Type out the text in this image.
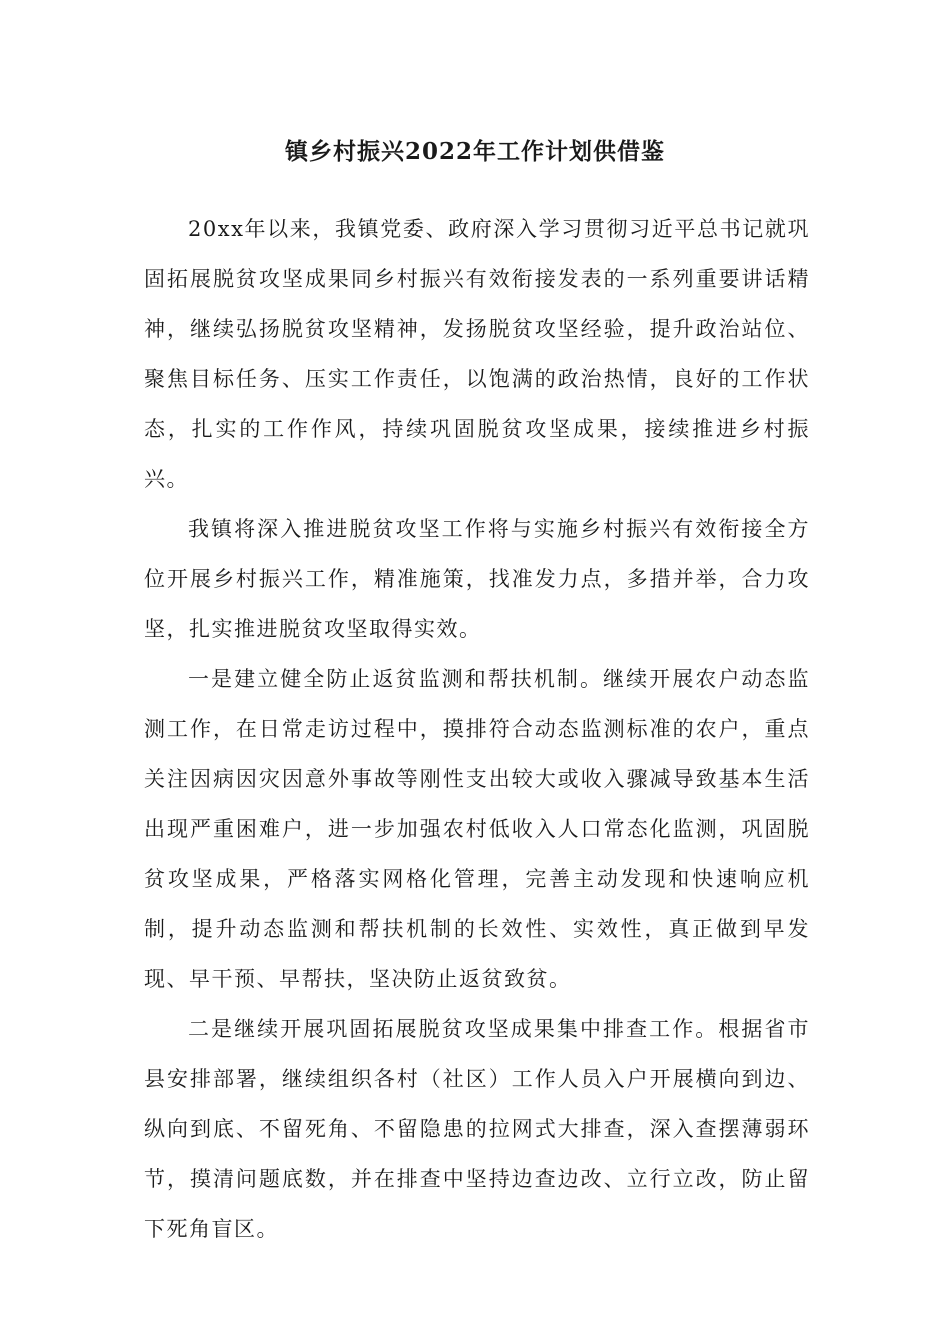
镇乡村振兴2022年工作计划供借鉴

20xx年以来，我镇党委、政府深入学习贯彻习近平总书记就巩固拓展脱贫攻坚成果同乡村振兴有效衔接发表的一系列重要讲话精神，继续弘扬脱贫攻坚精神，发扬脱贫攻坚经验，提升政治站位、聚焦目标任务、压实工作责任，以饱满的政治热情，良好的工作状态，扎实的工作作风，持续巩固脱贫攻坚成果，接续推进乡村振兴。

我镇将深入推进脱贫攻坚工作将与实施乡村振兴有效衔接全方位开展乡村振兴工作，精准施策，找准发力点，多措并举，合力攻坚，扎实推进脱贫攻坚取得实效。

一是建立健全防止返贫监测和帮扶机制。继续开展农户动态监测工作，在日常走访过程中，摸排符合动态监测标准的农户，重点关注因病因灾因意外事故等刚性支出较大或收入骤减导致基本生活出现严重困难户，进一步加强农村低收入人口常态化监测，巩固脱贫攻坚成果，严格落实网格化管理，完善主动发现和快速响应机制，提升动态监测和帮扶机制的长效性、实效性，真正做到早发现、早干预、早帮扶，坚决防止返贫致贫。

二是继续开展巩固拓展脱贫攻坚成果集中排查工作。根据省市县安排部署，继续组织各村（社区）工作人员入户开展横向到边、纵向到底、不留死角、不留隐患的拉网式大排查，深入查摆薄弱环节，摸清问题底数，并在排查中坚持边查边改、立行立改，防止留下死角盲区。
